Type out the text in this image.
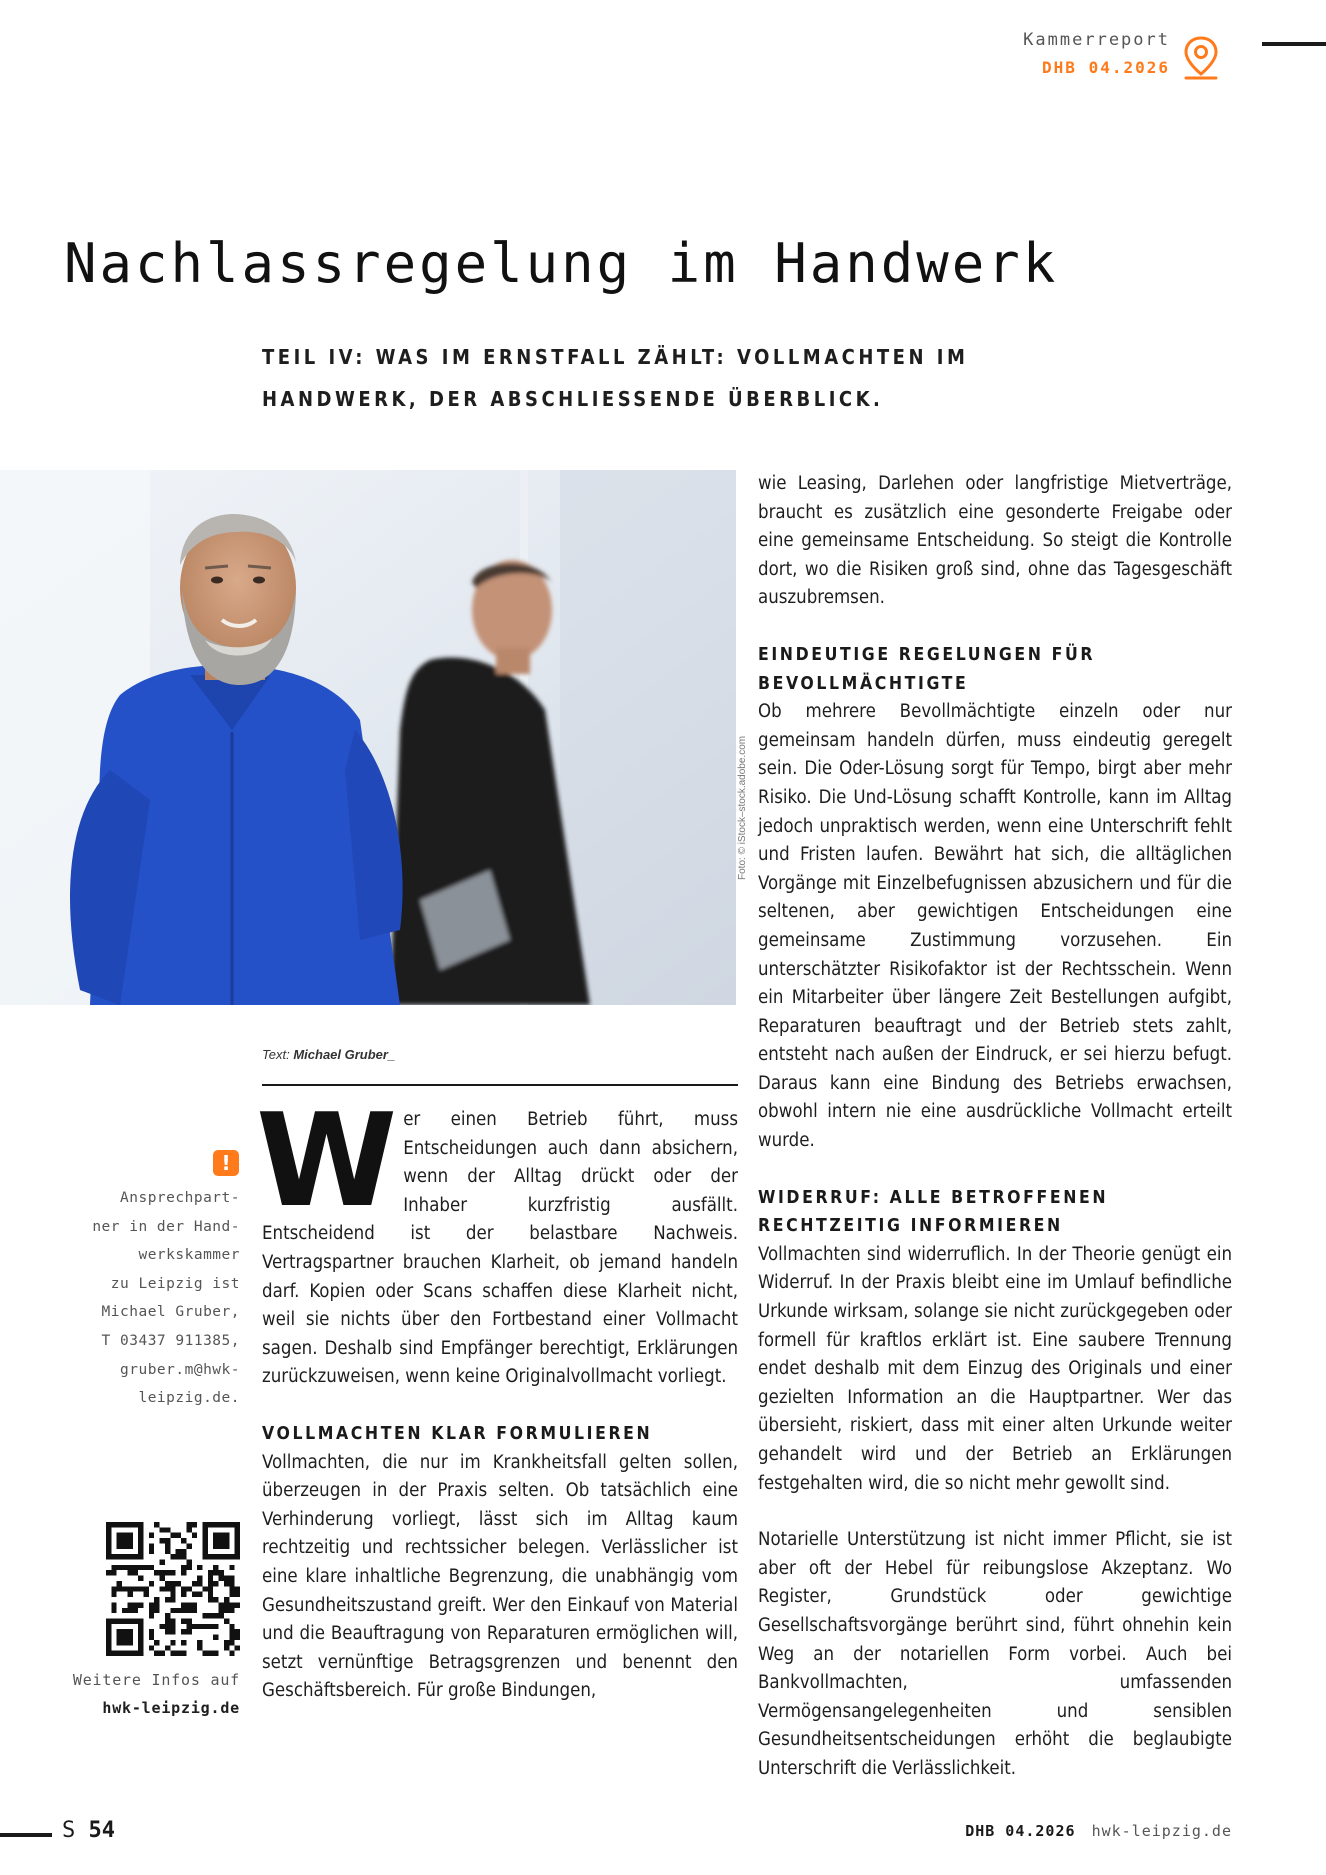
Kammerreport
DHB 04.2026
Nachlassregelung im Handwerk
TEIL IV: WAS IM ERNSTFALL ZÄHLT: VOLLMACHTEN IM HANDWERK, DER ABSCHLIESSENDE ÜBERBLICK.
Foto: © iStock–stock.adobe.com
Text: Michael Gruber_

Wer einen Betrieb führt, muss Entscheidungen auch dann absichern, wenn der Alltag drückt oder der Inhaber kurzfristig ausfällt. Entscheidend ist der belastbare Nachweis. Vertragspartner brauchen Klarheit, ob jemand handeln darf. Kopien oder Scans schaffen diese Klarheit nicht, weil sie nichts über den Fortbestand einer Vollmacht sagen. Deshalb sind Empfänger berechtigt, Erklärungen zurückzuweisen, wenn keine Originalvollmacht vorliegt.

VOLLMACHTEN KLAR FORMULIEREN

Vollmachten, die nur im Krankheitsfall gelten sollen, überzeugen in der Praxis selten. Ob tatsächlich eine Verhinderung vorliegt, lässt sich im Alltag kaum rechtzeitig und rechtssicher belegen. Verlässlicher ist eine klare inhaltliche Begrenzung, die unabhängig vom Gesundheitszustand greift. Wer den Einkauf von Material und die Beauftragung von Reparaturen ermöglichen will, setzt vernünftige Betragsgrenzen und benennt den Geschäftsbereich. Für große Bindungen,

wie Leasing, Darlehen oder langfristige Mietverträge, braucht es zusätzlich eine gesonderte Freigabe oder eine gemeinsame Entscheidung. So steigt die Kontrolle dort, wo die Risiken groß sind, ohne das Tagesgeschäft auszubremsen.

EINDEUTIGE REGELUNGEN FÜR BEVOLLMÄCHTIGTE

Ob mehrere Bevollmächtigte einzeln oder nur gemeinsam handeln dürfen, muss eindeutig geregelt sein. Die Oder-Lösung sorgt für Tempo, birgt aber mehr Risiko. Die Und-Lösung schafft Kontrolle, kann im Alltag jedoch unpraktisch werden, wenn eine Unterschrift fehlt und Fristen laufen. Bewährt hat sich, die alltäglichen Vorgänge mit Einzelbefugnissen abzusichern und für die seltenen, aber gewichtigen Entscheidungen eine gemeinsame Zustimmung vorzusehen. Ein unterschätzter Risikofaktor ist der Rechtsschein. Wenn ein Mitarbeiter über längere Zeit Bestellungen aufgibt, Reparaturen beauftragt und der Betrieb stets zahlt, entsteht nach außen der Eindruck, er sei hierzu befugt. Daraus kann eine Bindung des Betriebs erwachsen, obwohl intern nie eine ausdrückliche Vollmacht erteilt wurde.

WIDERRUF: ALLE BETROFFENEN RECHTZEITIG INFORMIEREN

Vollmachten sind widerruflich. In der Theorie genügt ein Widerruf. In der Praxis bleibt eine im Umlauf befindliche Urkunde wirksam, solange sie nicht zurückgegeben oder formell für kraftlos erklärt ist. Eine saubere Trennung endet deshalb mit dem Einzug des Originals und einer gezielten Information an die Hauptpartner. Wer das übersieht, riskiert, dass mit einer alten Urkunde weiter gehandelt wird und der Betrieb an Erklärungen festgehalten wird, die so nicht mehr gewollt sind.

Notarielle Unterstützung ist nicht immer Pflicht, sie ist aber oft der Hebel für reibungslose Akzeptanz. Wo Register, Grundstück oder gewichtige Gesellschaftsvorgänge berührt sind, führt ohnehin kein Weg an der notariellen Form vorbei. Auch bei Bankvollmachten, umfassenden Vermögensangelegenheiten und sensiblen Gesundheitsentscheidungen erhöht die beglaubigte Unterschrift die Verlässlichkeit.

!
Ansprechpart-
ner in der Hand-
werkskammer
zu Leipzig ist
Michael Gruber,
T 03437 911385,
gruber.m@hwk-
leipzig.de.
Weitere Infos auf
hwk-leipzig.de
S 54	DHB 04.2026 hwk-leipzig.de
